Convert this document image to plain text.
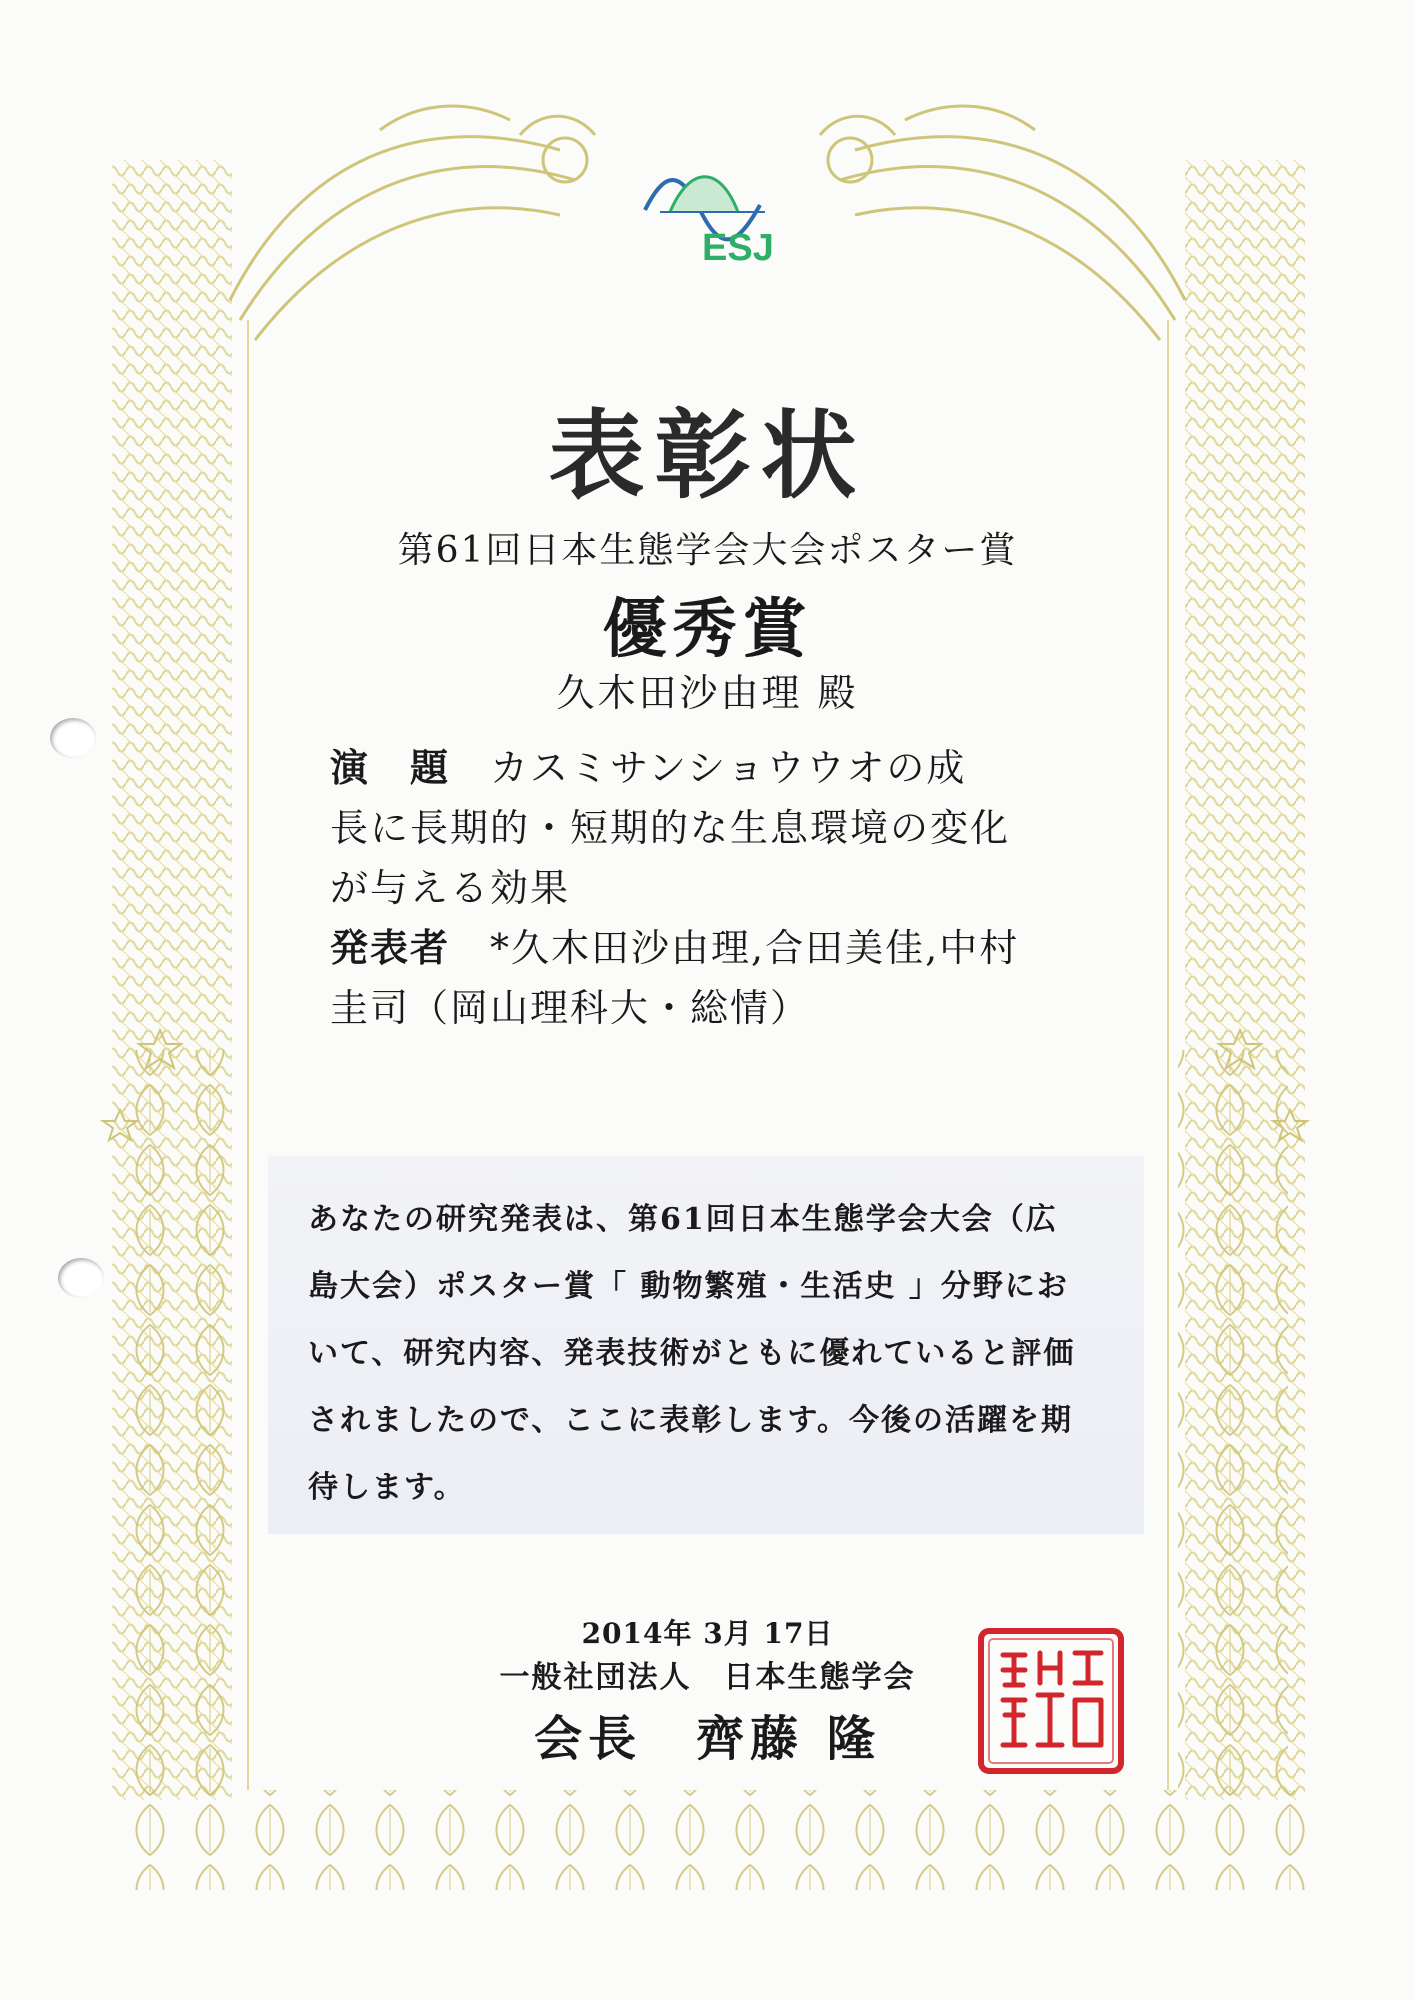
ESJ
表彰状
第61回日本生態学会大会ポスター賞
優秀賞
久木田沙由理 殿
演　題　 カスミサンショウウオの成
長に長期的・短期的な生息環境の変化
が与える効果
発表者　 *久木田沙由理,合田美佳,中村
圭司（岡山理科大・総情）
あなたの研究発表は、第61回日本生態学会大会（広
島大会）ポスター賞「 動物繁殖・生活史 」分野にお
いて、研究内容、発表技術がともに優れていると評価
されましたので、ここに表彰します。今後の活躍を期
待します。
2014年 3月 17日
一般社団法人　日本生態学会
会長　齊藤 隆
